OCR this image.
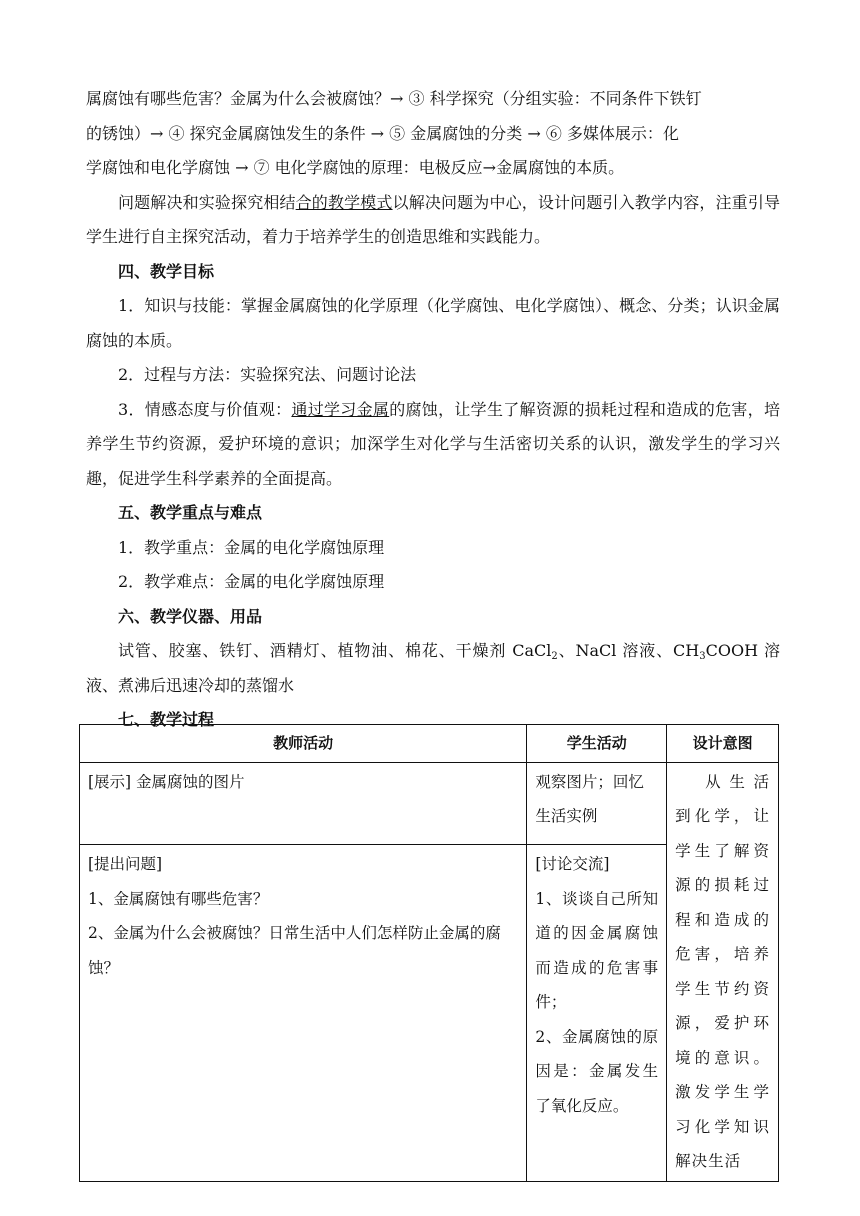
属腐蚀有哪些危害？金属为什么会被腐蚀？→ ③ 科学探究（分组实验：不同条件下铁钉

的锈蚀）→ ④ 探究金属腐蚀发生的条件 → ⑤ 金属腐蚀的分类 → ⑥ 多媒体展示：化

学腐蚀和电化学腐蚀 → ⑦ 电化学腐蚀的原理：电极反应→金属腐蚀的本质。

问题解决和实验探究相结合的教学模式以解决问题为中心，设计问题引入教学内容，注重引导学生进行自主探究活动，着力于培养学生的创造思维和实践能力。

四、教学目标

1．知识与技能：掌握金属腐蚀的化学原理（化学腐蚀、电化学腐蚀）、概念、分类；认识金属腐蚀的本质。

2．过程与方法：实验探究法、问题讨论法

3．情感态度与价值观：通过学习金属的腐蚀，让学生了解资源的损耗过程和造成的危害，培养学生节约资源，爱护环境的意识；加深学生对化学与生活密切关系的认识，激发学生的学习兴趣，促进学生科学素养的全面提高。

五、教学重点与难点

1．教学重点：金属的电化学腐蚀原理

2．教学难点：金属的电化学腐蚀原理

六、教学仪器、用品

试管、胶塞、铁钉、酒精灯、植物油、棉花、干燥剂 CaCl$_2$、NaCl 溶液、$CH_3COOH$ 溶液、煮沸后迅速冷却的蒸馏水

七、教学过程

教师活动	学生活动	设计意图
[展示] 金属腐蚀的图片	观察图片；回忆生活实例	从生活到化学，让学生了解资源的损耗过程和造成的危害，培养学生节约资源，爱护环境的意识。激发学生学习化学知识解决生活

[提出问题]
1、金属腐蚀有哪些危害？
2、金属为什么会被腐蚀？日常生活中人们怎样防止金属的腐蚀？	[讨论交流]
1、谈谈自己所知道的因金属腐蚀而造成的危害事件；
2、金属腐蚀的原因是：金属发生了氧化反应。	
